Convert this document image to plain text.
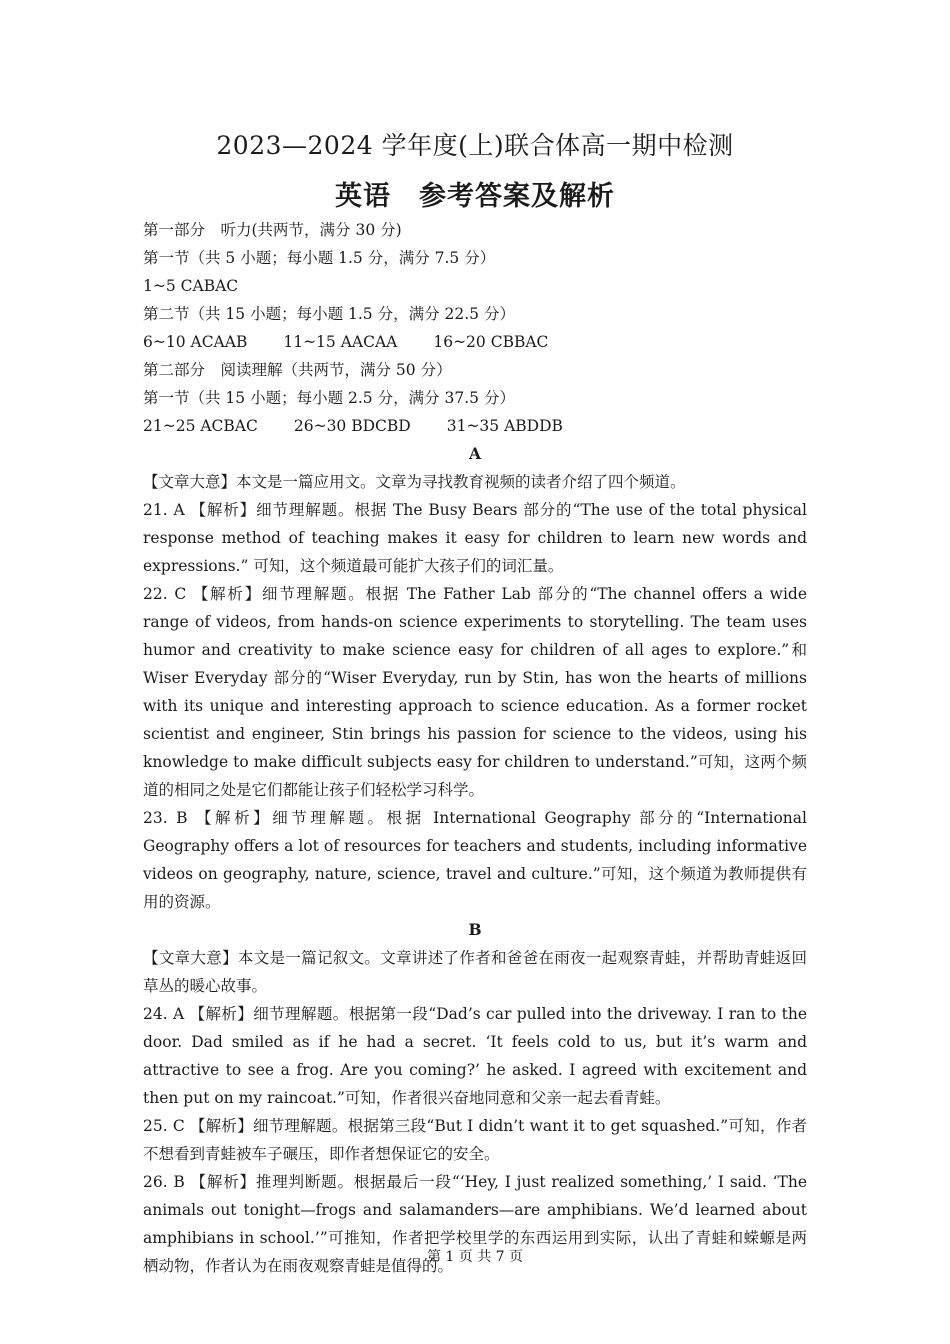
2023—2024 学年度(上)联合体高一期中检测
英语　参考答案及解析
第一部分　听力(共两节，满分 30 分)
第一节（共 5 小题；每小题 1.5 分，满分 7.5 分）
1~5 CABAC
第二节（共 15 小题；每小题 1.5 分，满分 22.5 分）
6~10 ACAAB 11~15 AACAA 16~20 CBBAC
第二部分　阅读理解（共两节，满分 50 分）
第一节（共 15 小题；每小题 2.5 分，满分 37.5 分）
21~25 ACBAC 26~30 BDCBD 31~35 ABDDB
A
【文章大意】本文是一篇应用文。文章为寻找教育视频的读者介绍了四个频道。
21. A 【解析】细节理解题。根据 The Busy Bears 部分的“The use of the total physical response method of teaching makes it easy for children to learn new words and expressions.” 可知，这个频道最可能扩大孩子们的词汇量。
22. C 【解析】细节理解题。根据 The Father Lab 部分的“The channel offers a wide range of videos, from hands-on science experiments to storytelling. The team uses humor and creativity to make science easy for children of all ages to explore.”和 Wiser Everyday 部分的“Wiser Everyday, run by Stin, has won the hearts of millions with its unique and interesting approach to science education. As a former rocket scientist and engineer, Stin brings his passion for science to the videos, using his knowledge to make difficult subjects easy for children to understand.”可知，这两个频道的相同之处是它们都能让孩子们轻松学习科学。
23. B 【解析】细节理解题。根据 International Geography 部分的“International Geography offers a lot of resources for teachers and students, including informative videos on geography, nature, science, travel and culture.”可知，这个频道为教师提供有用的资源。
B
【文章大意】本文是一篇记叙文。文章讲述了作者和爸爸在雨夜一起观察青蛙，并帮助青蛙返回草丛的暖心故事。
24. A 【解析】细节理解题。根据第一段“Dad’s car pulled into the driveway. I ran to the door. Dad smiled as if he had a secret. ‘It feels cold to us, but it’s warm and attractive to see a frog. Are you coming?’ he asked. I agreed with excitement and then put on my raincoat.”可知，作者很兴奋地同意和父亲一起去看青蛙。
25. C 【解析】细节理解题。根据第三段“But I didn’t want it to get squashed.”可知，作者不想看到青蛙被车子碾压，即作者想保证它的安全。
26. B 【解析】推理判断题。根据最后一段“‘Hey, I just realized something,’ I said. ‘The animals out tonight—frogs and salamanders—are amphibians. We’d learned about amphibians in school.’”可推知，作者把学校里学的东西运用到实际，认出了青蛙和蝾螈是两栖动物，作者认为在雨夜观察青蛙是值得的。
第 1 页 共 7 页
